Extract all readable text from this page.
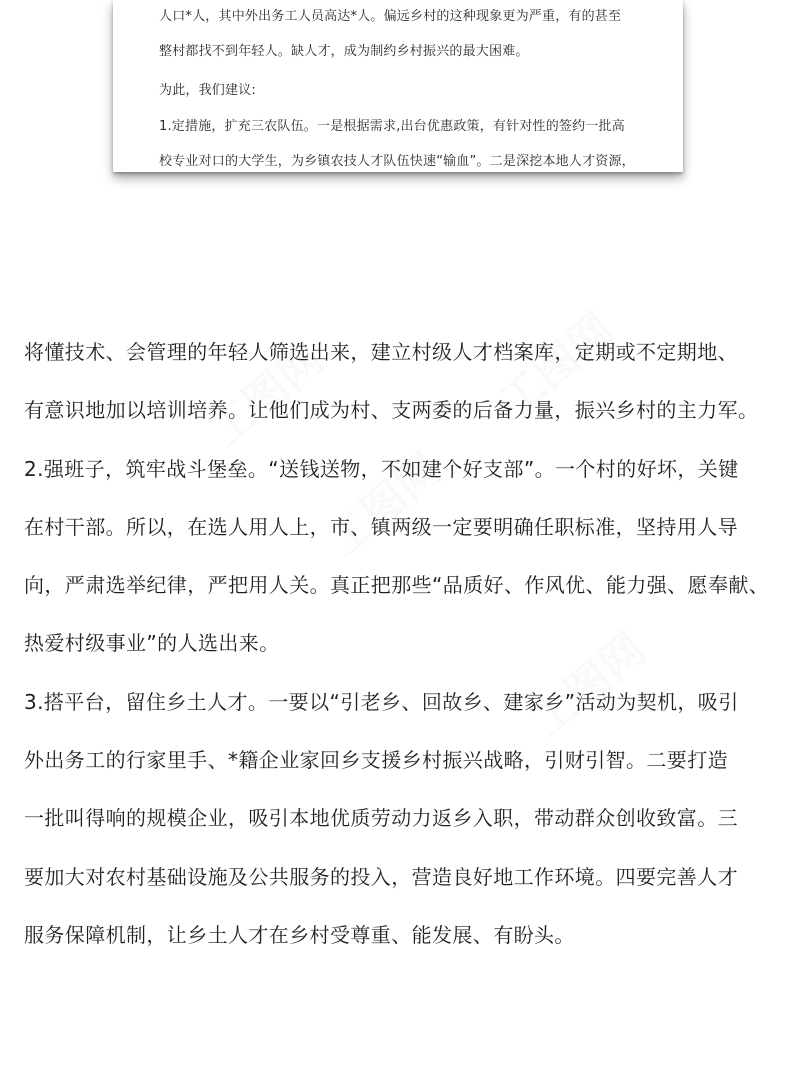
人口*人，其中外出务工人员高达*人。偏远乡村的这种现象更为严重，有的甚至
整村都找不到年轻人。缺人才，成为制约乡村振兴的最大困难。
为此，我们建议:
1.定措施，扩充三农队伍。一是根据需求,出台优惠政策，有针对性的签约一批高
校专业对口的大学生，为乡镇农技人才队伍快速“输血”。二是深挖本地人才资源，
工图网	工图网
工图网
工图网
将懂技术、会管理的年轻人筛选出来，建立村级人才档案库，定期或不定期地、
有意识地加以培训培养。让他们成为村、支两委的后备力量，振兴乡村的主力军。
2.强班子，筑牢战斗堡垒。“送钱送物，不如建个好支部”。一个村的好坏，关键
在村干部。所以，在选人用人上，市、镇两级一定要明确任职标准，坚持用人导
向，严肃选举纪律，严把用人关。真正把那些“品质好、作风优、能力强、愿奉献、
热爱村级事业”的人选出来。
3.搭平台，留住乡土人才。一要以“引老乡、回故乡、建家乡”活动为契机，吸引
外出务工的行家里手、*籍企业家回乡支援乡村振兴战略，引财引智。二要打造
一批叫得响的规模企业，吸引本地优质劳动力返乡入职，带动群众创收致富。三
要加大对农村基础设施及公共服务的投入，营造良好地工作环境。四要完善人才
服务保障机制，让乡土人才在乡村受尊重、能发展、有盼头。
